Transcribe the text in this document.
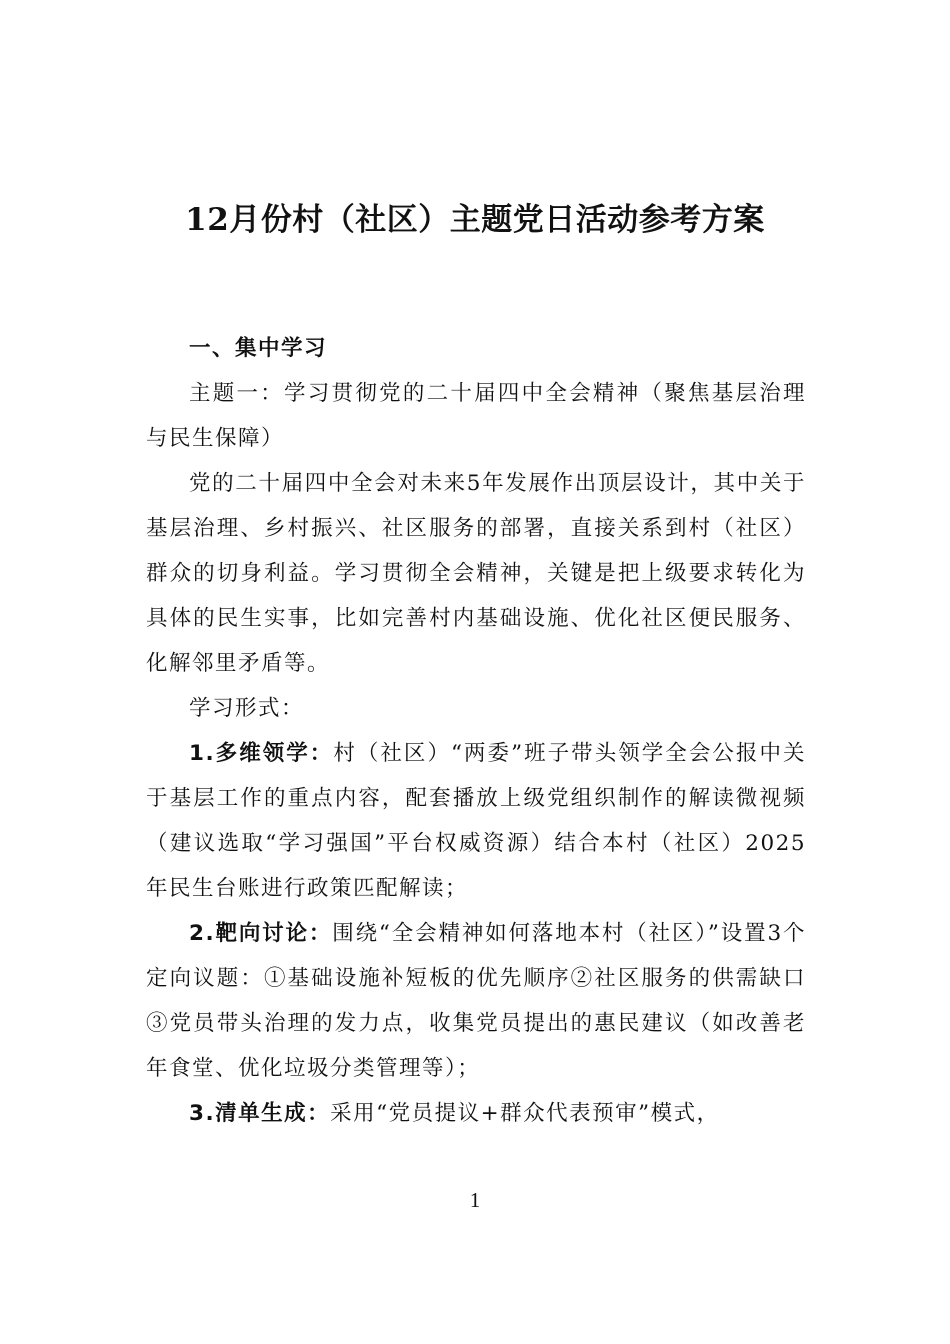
12月份村（社区）主题党日活动参考方案

一、集中学习

主题一：学习贯彻党的二十届四中全会精神（聚焦基层治理与民生保障）

党的二十届四中全会对未来5年发展作出顶层设计，其中关于基层治理、乡村振兴、社区服务的部署，直接关系到村（社区）群众的切身利益。学习贯彻全会精神，关键是把上级要求转化为具体的民生实事，比如完善村内基础设施、优化社区便民服务、化解邻里矛盾等。

学习形式：

1.多维领学：村（社区）“两委”班子带头领学全会公报中关于基层工作的重点内容，配套播放上级党组织制作的解读微视频（建议选取“学习强国”平台权威资源）结合本村（社区）2025年民生台账进行政策匹配解读；

2.靶向讨论：围绕“全会精神如何落地本村（社区）”设置3个定向议题：①基础设施补短板的优先顺序②社区服务的供需缺口③党员带头治理的发力点，收集党员提出的惠民建议（如改善老年食堂、优化垃圾分类管理等）；

3.清单生成：采用“党员提议+群众代表预审”模式，

1
